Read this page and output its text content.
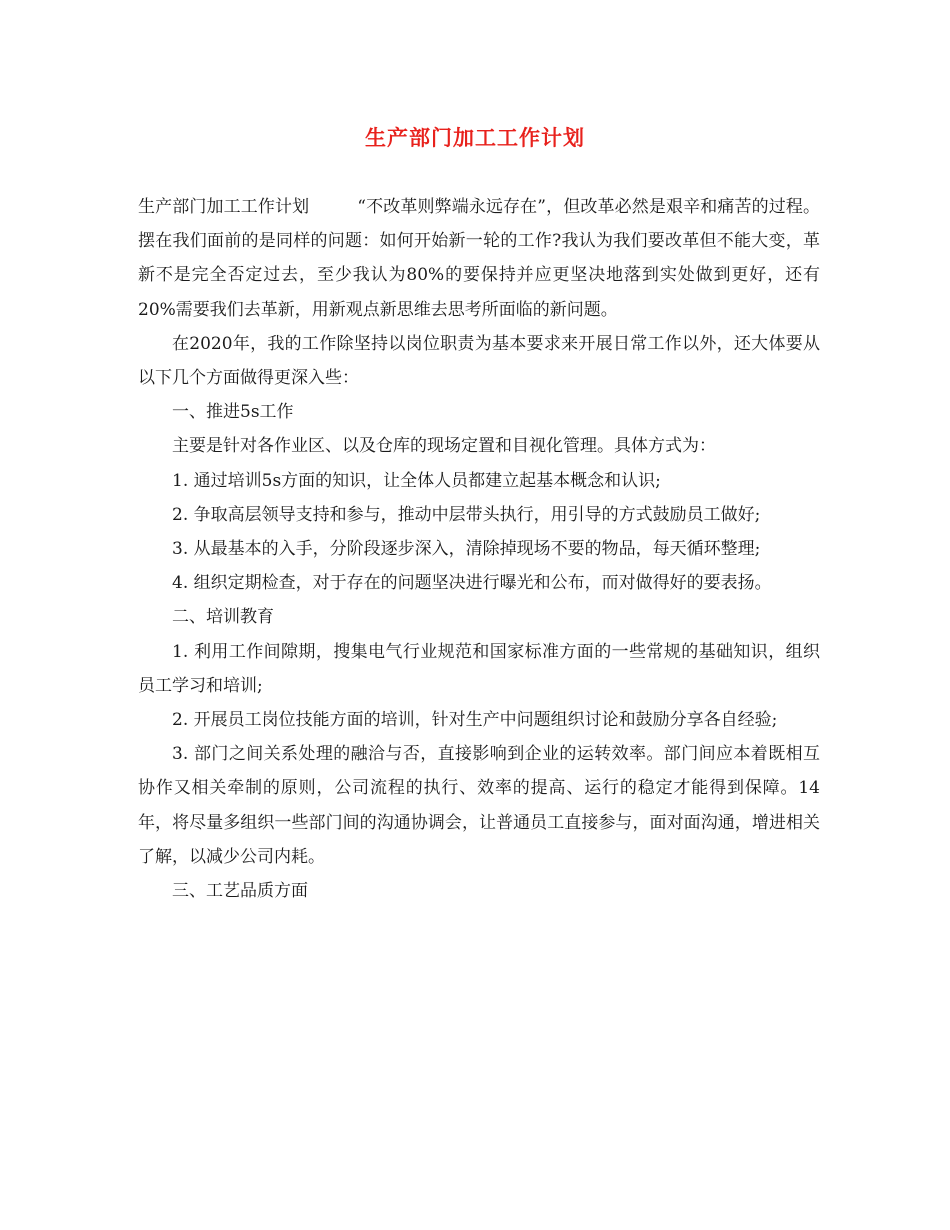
生产部门加工工作计划

生产部门加工工作计划	“不改革则弊端永远存在”，但改革必然是艰辛和痛苦的过程。摆在我们面前的是同样的问题：如何开始新一轮的工作?我认为我们要改革但不能大变，革新不是完全否定过去，至少我认为80%的要保持并应更坚决地落到实处做到更好，还有20%需要我们去革新，用新观点新思维去思考所面临的新问题。

在2020年，我的工作除坚持以岗位职责为基本要求来开展日常工作以外，还大体要从以下几个方面做得更深入些：

一、推进5s工作

主要是针对各作业区、以及仓库的现场定置和目视化管理。具体方式为：

1. 通过培训5s方面的知识，让全体人员都建立起基本概念和认识;

2. 争取高层领导支持和参与，推动中层带头执行，用引导的方式鼓励员工做好;

3. 从最基本的入手，分阶段逐步深入，清除掉现场不要的物品，每天循环整理;

4. 组织定期检查，对于存在的问题坚决进行曝光和公布，而对做得好的要表扬。

二、培训教育

1. 利用工作间隙期，搜集电气行业规范和国家标准方面的一些常规的基础知识，组织员工学习和培训;

2. 开展员工岗位技能方面的培训，针对生产中问题组织讨论和鼓励分享各自经验;

3. 部门之间关系处理的融洽与否，直接影响到企业的运转效率。部门间应本着既相互协作又相关牵制的原则，公司流程的执行、效率的提高、运行的稳定才能得到保障。14年，将尽量多组织一些部门间的沟通协调会，让普通员工直接参与，面对面沟通，增进相关了解，以减少公司内耗。

三、工艺品质方面
